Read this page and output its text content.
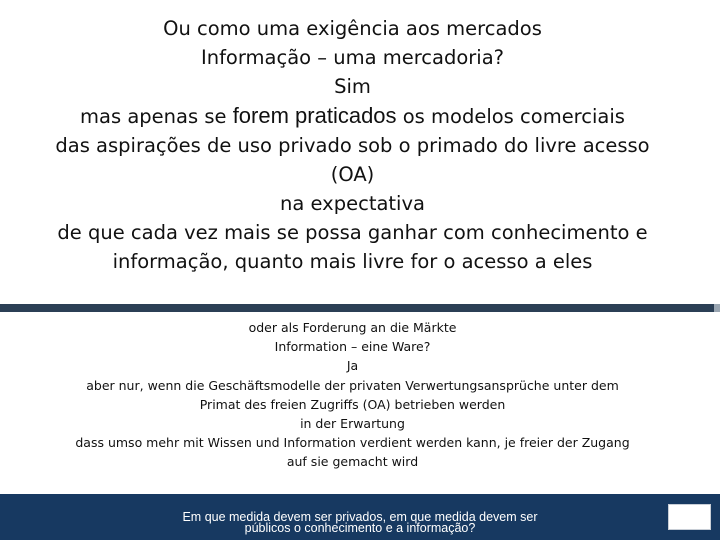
Ou como uma exigência aos mercados
Informação – uma mercadoria?
Sim
mas apenas se forem praticados os modelos comerciais
das aspirações de uso privado sob o primado do livre acesso
(OA)
na expectativa
de que cada vez mais se possa ganhar com conhecimento e
informação, quanto mais livre for o acesso a eles
oder als Forderung an die Märkte
Information – eine Ware?
Ja
aber nur, wenn die Geschäftsmodelle der privaten Verwertungsansprüche unter dem
Primat des freien Zugriffs (OA) betrieben werden
in der Erwartung
dass umso mehr mit Wissen und Information verdient werden kann, je freier der Zugang
auf sie gemacht wird
Em que medida devem ser privados, em que medida devem ser
públicos o conhecimento e a informação?
